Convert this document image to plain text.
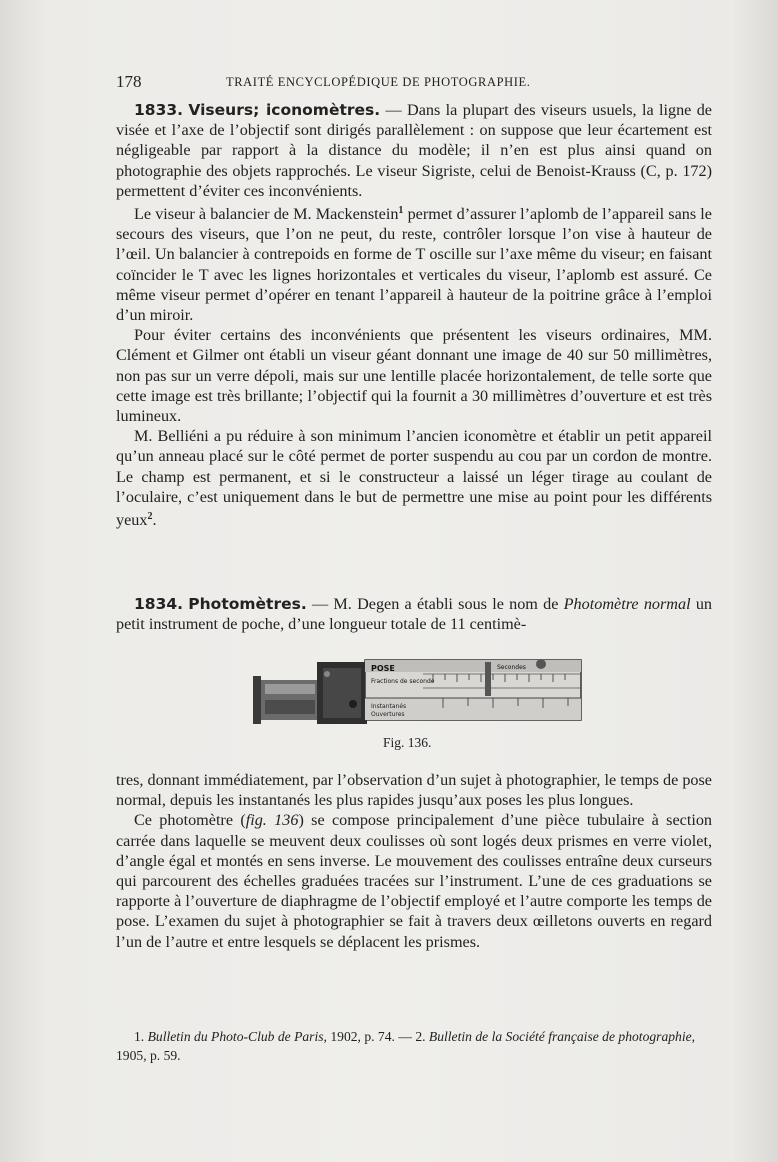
178	TRAITÉ ENCYCLOPÉDIQUE DE PHOTOGRAPHIE.

1833. Viseurs; iconomètres. — Dans la plupart des viseurs usuels, la ligne de visée et l’axe de l’objectif sont dirigés parallèlement : on suppose que leur écartement est négligeable par rapport à la distance du modèle; il n’en est plus ainsi quand on photographie des objets rapprochés. Le viseur Sigriste, celui de Benoist-Krauss (C, p. 172) permettent d’éviter ces inconvénients.

Le viseur à balancier de M. Mackenstein$^1$ permet d’assurer l’aplomb de l’appareil sans le secours des viseurs, que l’on ne peut, du reste, contrôler lorsque l’on vise à hauteur de l’œil. Un balancier à contrepoids en forme de T oscille sur l’axe même du viseur; en faisant coïncider le T avec les lignes horizontales et verticales du viseur, l’aplomb est assuré. Ce même viseur permet d’opérer en tenant l’appareil à hauteur de la poitrine grâce à l’emploi d’un miroir.

Pour éviter certains des inconvénients que présentent les viseurs ordinaires, MM. Clément et Gilmer ont établi un viseur géant donnant une image de 40 sur 50 millimètres, non pas sur un verre dépoli, mais sur une lentille placée horizontalement, de telle sorte que cette image est très brillante; l’objectif qui la fournit a 30 millimètres d’ouverture et est très lumineux.

M. Belliéni a pu réduire à son minimum l’ancien iconomètre et établir un petit appareil qu’un anneau placé sur le côté permet de porter suspendu au cou par un cordon de montre. Le champ est permanent, et si le constructeur a laissé un léger tirage au coulant de l’oculaire, c’est uniquement dans le but de permettre une mise au point pour les différents yeux$^2$.

1834. Photomètres. — M. Degen a établi sous le nom de Photomètre normal un petit instrument de poche, d’une longueur totale de 11 centimè-

POSE	Secondes
Fractions de seconde
Instantanés
Ouvertures
Fig. 136.

tres, donnant immédiatement, par l’observation d’un sujet à photographier, le temps de pose normal, depuis les instantanés les plus rapides jusqu’aux poses les plus longues.

Ce photomètre (fig. 136) se compose principalement d’une pièce tubulaire à section carrée dans laquelle se meuvent deux coulisses où sont logés deux prismes en verre violet, d’angle égal et montés en sens inverse. Le mouvement des coulisses entraîne deux curseurs qui parcourent des échelles graduées tracées sur l’instrument. L’une de ces graduations se rapporte à l’ouverture de diaphragme de l’objectif employé et l’autre comporte les temps de pose. L’examen du sujet à photographier se fait à travers deux œilletons ouverts en regard l’un de l’autre et entre lesquels se déplacent les prismes.

1. Bulletin du Photo-Club de Paris, 1902, p. 74. — 2. Bulletin de la Société française de photographie, 1905, p. 59.
